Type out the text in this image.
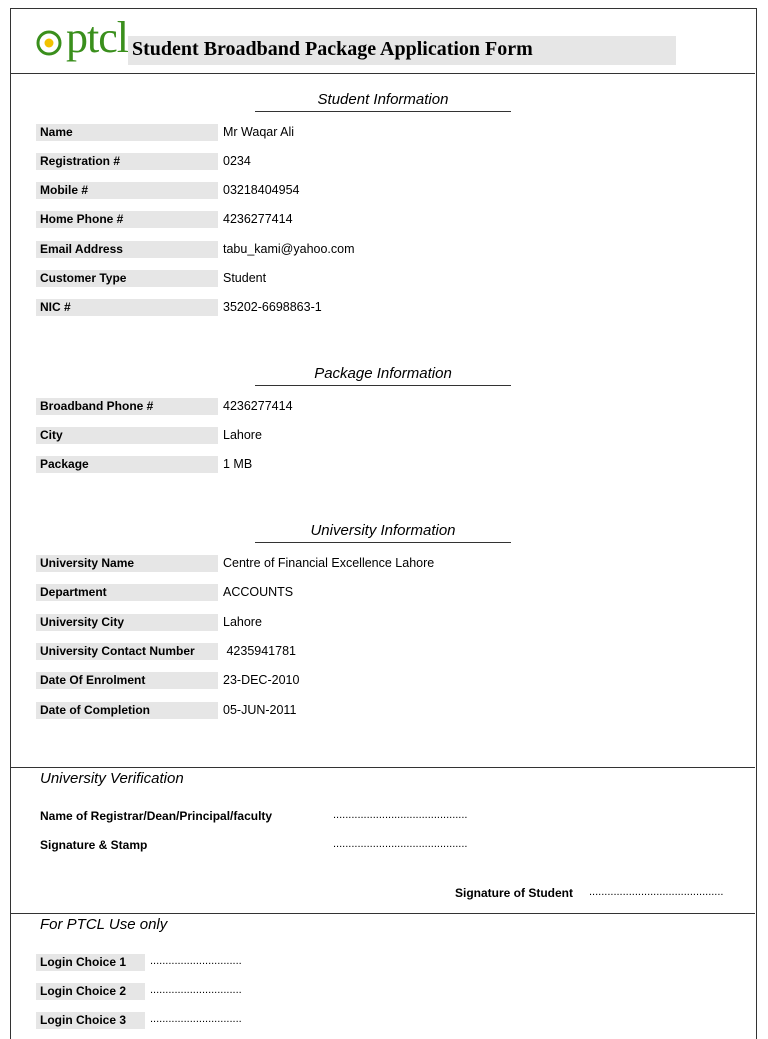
ptcl Student Broadband Package Application Form
Student Information
Name	Mr Waqar Ali
Registration #	0234
Mobile #	03218404954
Home Phone #	4236277414
Email Address	tabu_kami@yahoo.com
Customer Type	Student
NIC #	35202-6698863-1
Package Information
Broadband Phone #	4236277414
City	Lahore
Package	1 MB
University Information
University Name	Centre of Financial Excellence Lahore
Department	ACCOUNTS
University City	Lahore
University Contact Number	4235941781
Date Of Enrolment	23-DEC-2010
Date of Completion	05-JUN-2011
University Verification
Name of Registrar/Dean/Principal/faculty	............................................
Signature & Stamp	............................................
Signature of Student ............................................
For PTCL Use only
Login Choice 1	..............................
Login Choice 2	..............................
Login Choice 3	..............................
